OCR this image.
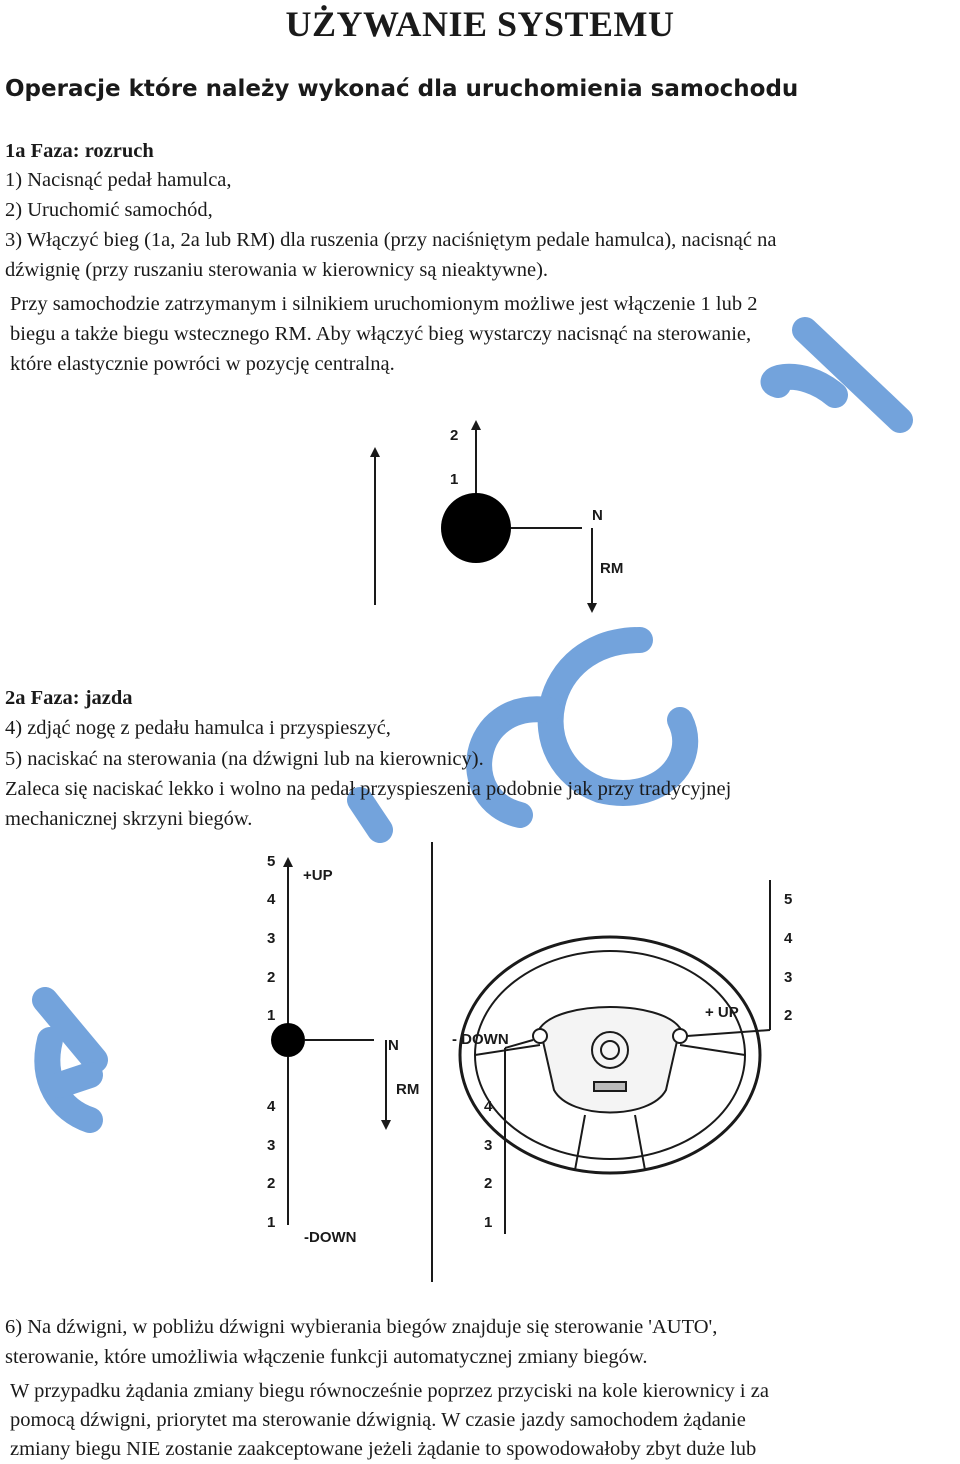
UŻYWANIE SYSTEMU
Operacje które należy wykonać dla uruchomienia samochodu
1a Faza: rozruch
1) Nacisnąć pedał hamulca,
2) Uruchomić samochód,
3) Włączyć bieg (1a, 2a lub RM) dla ruszenia (przy naciśniętym pedale hamulca), nacisnąć na
dźwignię (przy ruszaniu sterowania w kierownicy są nieaktywne).
Przy samochodzie zatrzymanym i silnikiem uruchomionym możliwe jest włączenie 1 lub 2
biegu a także biegu wstecznego RM. Aby włączyć bieg wystarczy nacisnąć na sterowanie,
które elastycznie powróci w pozycję centralną.
2
1
N
RM
2a Faza: jazda
4) zdjąć nogę z pedału hamulca i przyspieszyć,
5) naciskać na sterowania (na dźwigni lub na kierownicy).
Zaleca się naciskać lekko i wolno na pedał przyspieszenia podobnie jak przy tradycyjnej
mechanicznej skrzyni biegów.
5
4
3
2
1
+UP
N
RM
4
3
2
1
-DOWN
- DOWN
+ UP
5
4
3
2
4
3
2
1
6) Na dźwigni, w pobliżu dźwigni wybierania biegów znajduje się sterowanie 'AUTO',
sterowanie, które umożliwia włączenie funkcji automatycznej zmiany biegów.
W przypadku żądania zmiany biegu równocześnie poprzez przyciski na kole kierownicy i za
pomocą dźwigni, priorytet ma sterowanie dźwignią. W czasie jazdy samochodem żądanie
zmiany biegu NIE zostanie zaakceptowane jeżeli żądanie to spowodowałoby zbyt duże lub
